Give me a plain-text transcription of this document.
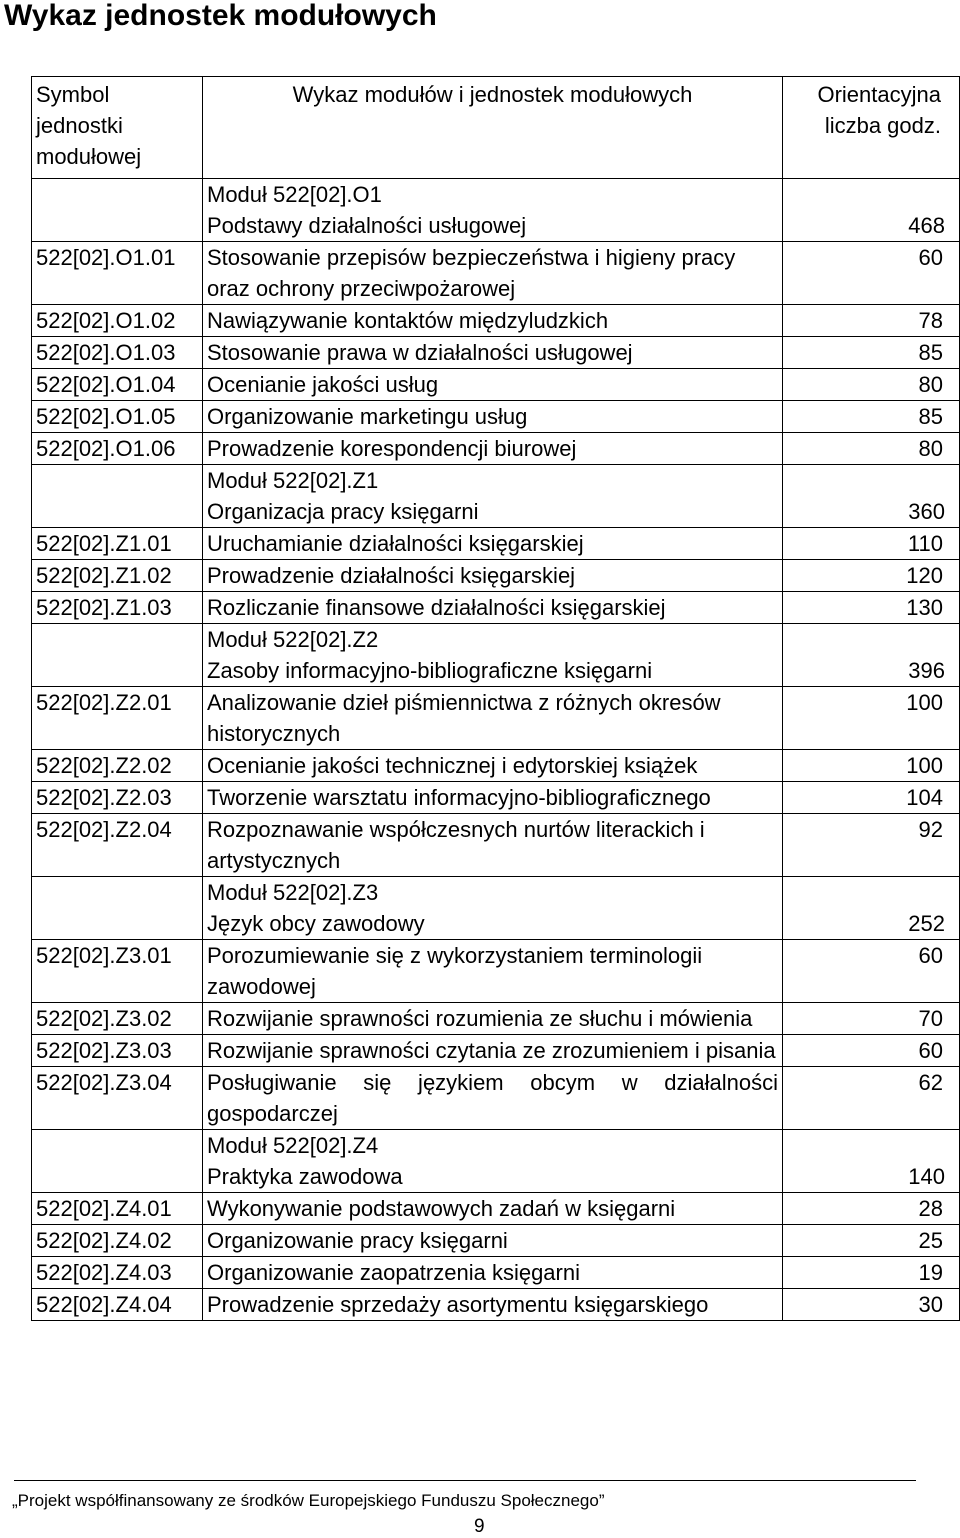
Wykaz jednostek modułowych
Symbol jednostki modułowej	Wykaz modułów i jednostek modułowych	Orientacyjna liczba godz.

	Moduł 522[02].O1
Podstawy działalności usługowej	468
522[02].O1.01	Stosowanie przepisów bezpieczeństwa i higieny pracy oraz ochrony przeciwpożarowej	60
522[02].O1.02	Nawiązywanie kontaktów międzyludzkich	78
522[02].O1.03	Stosowanie prawa w działalności usługowej	85
522[02].O1.04	Ocenianie jakości usług	80
522[02].O1.05	Organizowanie marketingu usług	85
522[02].O1.06	Prowadzenie korespondencji biurowej	80

	Moduł 522[02].Z1
Organizacja pracy księgarni	360
522[02].Z1.01	Uruchamianie działalności księgarskiej	110
522[02].Z1.02	Prowadzenie działalności księgarskiej	120
522[02].Z1.03	Rozliczanie finansowe działalności księgarskiej	130

	Moduł 522[02].Z2
Zasoby informacyjno-bibliograficzne księgarni	396
522[02].Z2.01	Analizowanie dzieł piśmiennictwa z różnych okresów historycznych	100
522[02].Z2.02	Ocenianie jakości technicznej i edytorskiej książek	100
522[02].Z2.03	Tworzenie warsztatu informacyjno-bibliograficznego	104
522[02].Z2.04	Rozpoznawanie współczesnych nurtów literackich i artystycznych	92

	Moduł 522[02].Z3
Język obcy zawodowy	252
522[02].Z3.01	Porozumiewanie się z wykorzystaniem terminologii zawodowej	60
522[02].Z3.02	Rozwijanie sprawności rozumienia ze słuchu i mówienia	70
522[02].Z3.03	Rozwijanie sprawności czytania ze zrozumieniem i pisania	60
522[02].Z3.04	Posługiwanie się językiem obcym w działalności gospodarczej	62

	Moduł 522[02].Z4
Praktyka zawodowa	140
522[02].Z4.01	Wykonywanie podstawowych zadań w księgarni	28
522[02].Z4.02	Organizowanie pracy księgarni	25
522[02].Z4.03	Organizowanie zaopatrzenia księgarni	19
522[02].Z4.04	Prowadzenie sprzedaży asortymentu księgarskiego	30
„Projekt współfinansowany ze środków Europejskiego Funduszu Społecznego”
9
